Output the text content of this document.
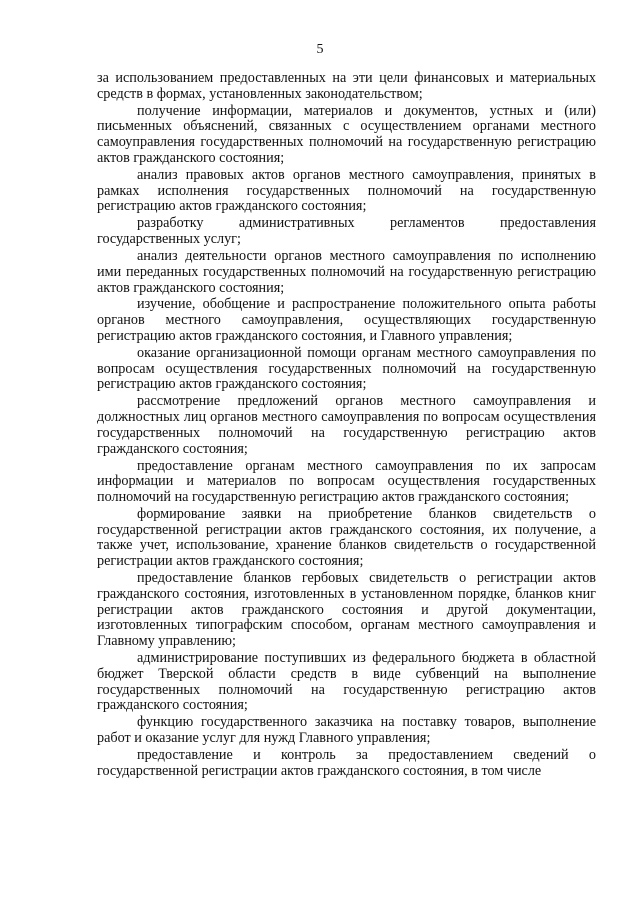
5

за использованием предоставленных на эти цели финансовых и материальных средств в формах, установленных законодательством;

получение информации, материалов и документов, устных и (или) письменных объяснений, связанных с осуществлением органами местного самоуправления государственных полномочий на государственную регистрацию актов гражданского состояния;

анализ правовых актов органов местного самоуправления, принятых в рамках исполнения государственных полномочий на государственную регистрацию актов гражданского состояния;

разработку административных регламентов предоставления государственных услуг;

анализ деятельности органов местного самоуправления по исполнению ими переданных государственных полномочий на государственную регистрацию актов гражданского состояния;

изучение, обобщение и распространение положительного опыта работы органов местного самоуправления, осуществляющих государственную регистрацию актов гражданского состояния, и Главного управления;

оказание организационной помощи органам местного самоуправления по вопросам осуществления государственных полномочий на государственную регистрацию актов гражданского состояния;

рассмотрение предложений органов местного самоуправления и должностных лиц органов местного самоуправления по вопросам осуществления государственных полномочий на государственную регистрацию актов гражданского состояния;

предоставление органам местного самоуправления по их запросам информации и материалов по вопросам осуществления государственных полномочий на государственную регистрацию актов гражданского состояния;

формирование заявки на приобретение бланков свидетельств о государственной регистрации актов гражданского состояния, их получение, а также учет, использование, хранение бланков свидетельств о государственной регистрации актов гражданского состояния;

предоставление бланков гербовых свидетельств о регистрации актов гражданского состояния, изготовленных в установленном порядке, бланков книг регистрации актов гражданского состояния и другой документации, изготовленных типографским способом, органам местного самоуправления и Главному управлению;

администрирование поступивших из федерального бюджета в областной бюджет Тверской области средств в виде субвенций на выполнение государственных полномочий на государственную регистрацию актов гражданского состояния;

функцию государственного заказчика на поставку товаров, выполнение работ и оказание услуг для нужд Главного управления;

предоставление и контроль за предоставлением сведений о государственной регистрации актов гражданского состояния, в том числе
